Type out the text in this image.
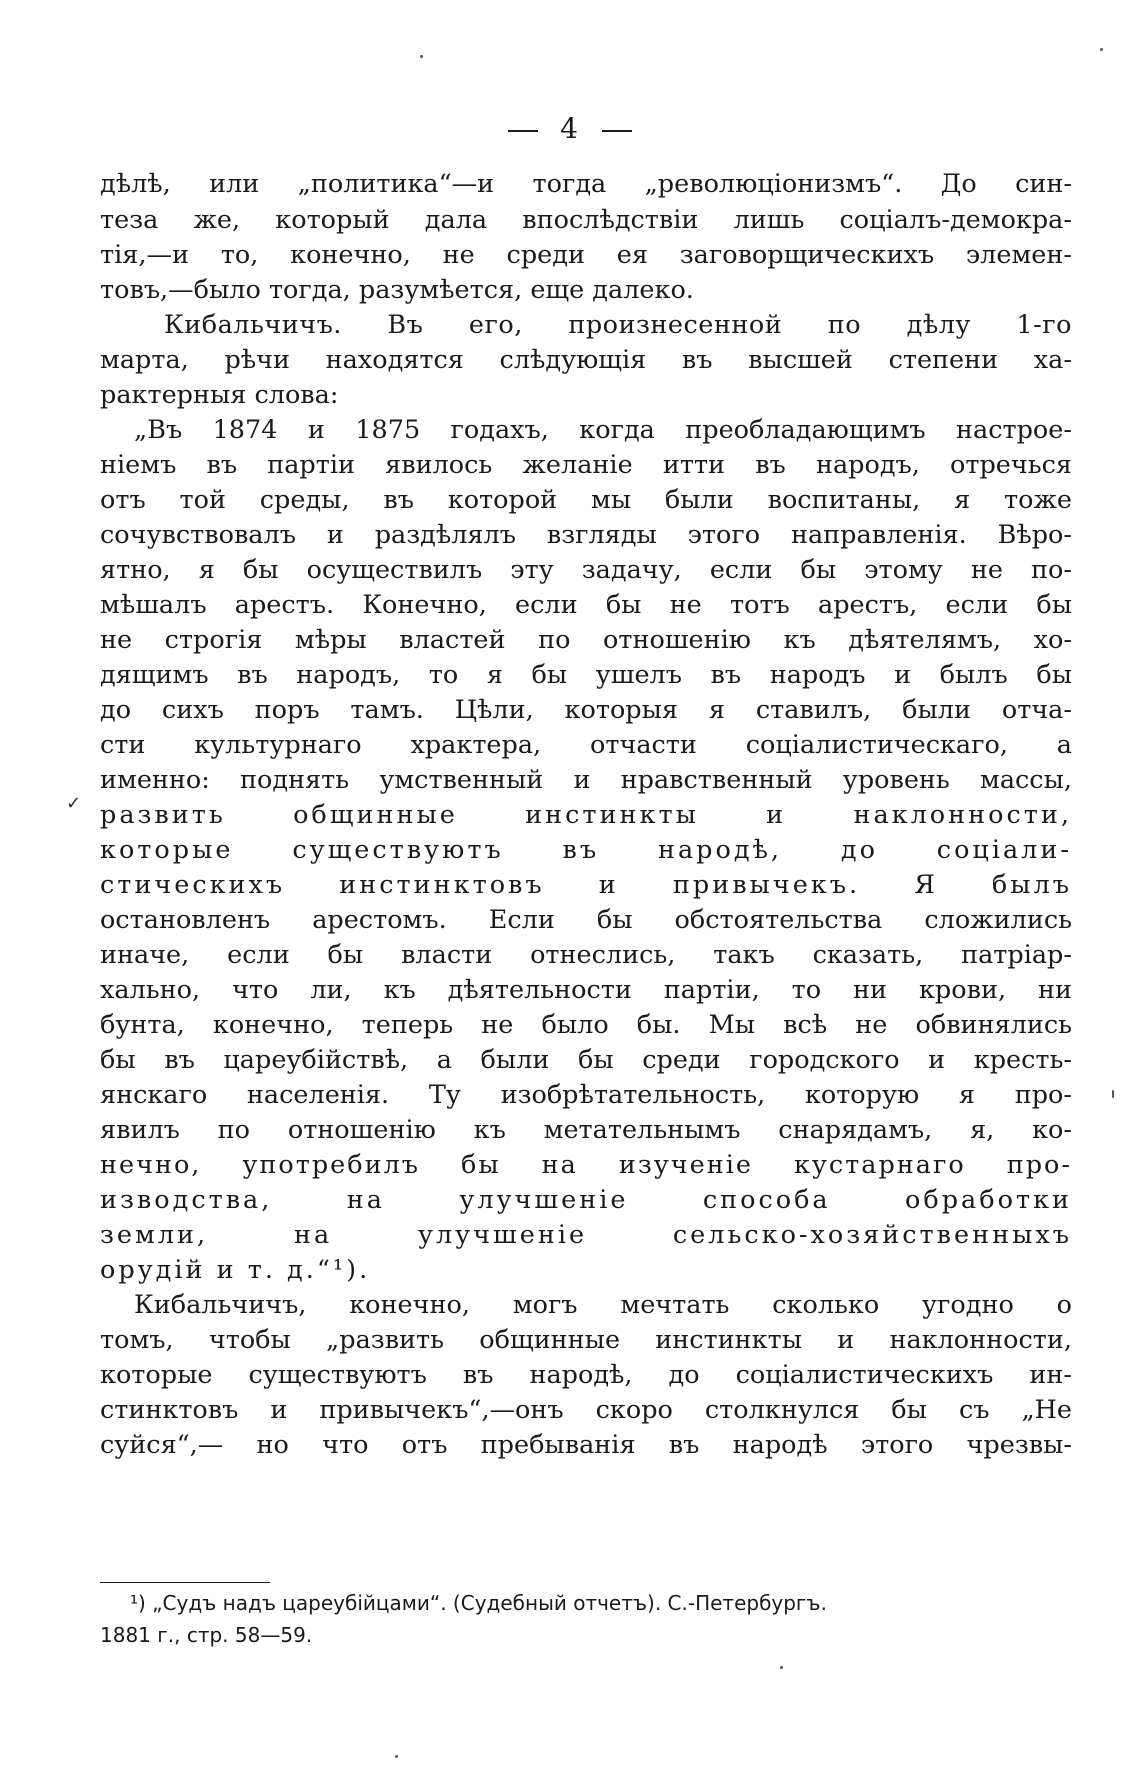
4
дѣлѣ, или „политика“—и тогда „революціонизмъ“. До син-
теза же, который дала впослѣдствіи лишь соціалъ-демокра-
тія,—и то, конечно, не среди ея заговорщическихъ элемен-
товъ,—было тогда, разумѣется, еще далеко.
Кибальчичъ. Въ его, произнесенной по дѣлу 1-го
марта, рѣчи находятся слѣдующія въ высшей степени ха-
рактерныя слова:
„Въ 1874 и 1875 годахъ, когда преобладающимъ настрое-
ніемъ въ партіи явилось желаніе итти въ народъ, отречься
отъ той среды, въ которой мы были воспитаны, я тоже
сочувствовалъ и раздѣлялъ взгляды этого направленія. Вѣро-
ятно, я бы осуществилъ эту задачу, если бы этому не по-
мѣшалъ арестъ. Конечно, если бы не тотъ арестъ, если бы
не строгія мѣры властей по отношенію къ дѣятелямъ, хо-
дящимъ въ народъ, то я бы ушелъ въ народъ и былъ бы
до сихъ поръ тамъ. Цѣли, которыя я ставилъ, были отча-
сти культурнаго храктера, отчасти соціалистическаго, а
именно: поднять умственный и нравственный уровень массы,
развить общинные инстинкты и наклонности,
которые существуютъ въ народѣ, до соціали-
стическихъ инстинктовъ и привычекъ. Я былъ
остановленъ арестомъ. Если бы обстоятельства сложились
иначе, если бы власти отнеслись, такъ сказать, патріар-
хально, что ли, къ дѣятельности партіи, то ни крови, ни
бунта, конечно, теперь не было бы. Мы всѣ не обвинялись
бы въ цареубійствѣ, а были бы среди городского и кресть-
янскаго населенія. Ту изобрѣтательность, которую я про-
явилъ по отношенію къ метательнымъ снарядамъ, я, ко-
нечно, употребилъ бы на изученіе кустарнаго про-
изводства, на улучшеніе способа обработки
земли, на улучшеніе сельско-хозяйственныхъ
орудій и т. д.“¹).
Кибальчичъ, конечно, могъ мечтать сколько угодно о
томъ, чтобы „развить общинные инстинкты и наклонности,
которые существуютъ въ народѣ, до соціалистическихъ ин-
стинктовъ и привычекъ“,—онъ скоро столкнулся бы съ „Не
суйся“,— но что отъ пребыванія въ народѣ этого чрезвы-
¹) „Судъ надъ цареубійцами“. (Судебный отчетъ). С.-Петербургъ.
1881 г., стр. 58—59.
✓
